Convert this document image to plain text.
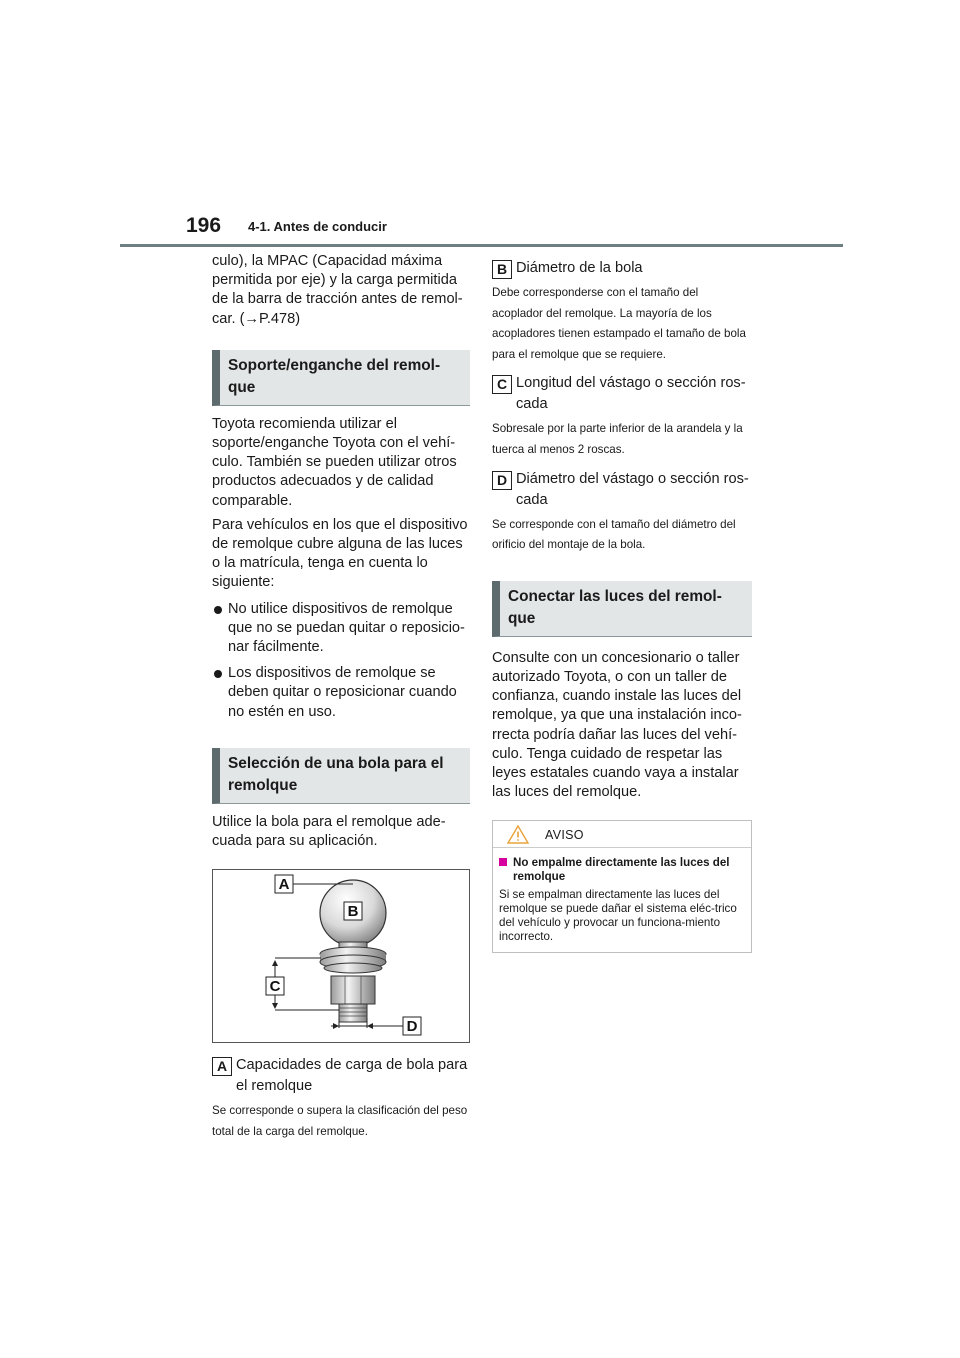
196 4-1. Antes de conducir

culo), la MPAC (Capacidad máxima permitida por eje) y la carga permitida de la barra de tracción antes de remol-car. (→P.478)

Soporte/enganche del remol-que

Toyota recomienda utilizar el soporte/enganche Toyota con el vehí-culo. También se pueden utilizar otros productos adecuados y de calidad comparable.

Para vehículos en los que el dispositivo de remolque cubre alguna de las luces o la matrícula, tenga en cuenta lo siguiente:

No utilice dispositivos de remolque que no se puedan quitar o reposicio-nar fácilmente.
Los dispositivos de remolque se deben quitar o reposicionar cuando no estén en uso.
Selección de una bola para el remolque

Utilice la bola para el remolque ade-cuada para su aplicación.

A
B
C
D
A Capacidades de carga de bola para el remolque

Se corresponde o supera la clasificación del peso total de la carga del remolque.

B Diámetro de la bola

Debe corresponderse con el tamaño del acoplador del remolque. La mayoría de los acopladores tienen estampado el tamaño de bola para el remolque que se requiere.

C Longitud del vástago o sección ros-cada

Sobresale por la parte inferior de la arandela y la tuerca al menos 2 roscas.

D Diámetro del vástago o sección ros-cada

Se corresponde con el tamaño del diámetro del orificio del montaje de la bola.

Conectar las luces del remol-que

Consulte con un concesionario o taller autorizado Toyota, o con un taller de confianza, cuando instale las luces del remolque, ya que una instalación inco-rrecta podría dañar las luces del vehí-culo. Tenga cuidado de respetar las leyes estatales cuando vaya a instalar las luces del remolque.

AVISO
No empalme directamente las luces del remolque

Si se empalman directamente las luces del remolque se puede dañar el sistema eléc-trico del vehículo y provocar un funciona-miento incorrecto.
